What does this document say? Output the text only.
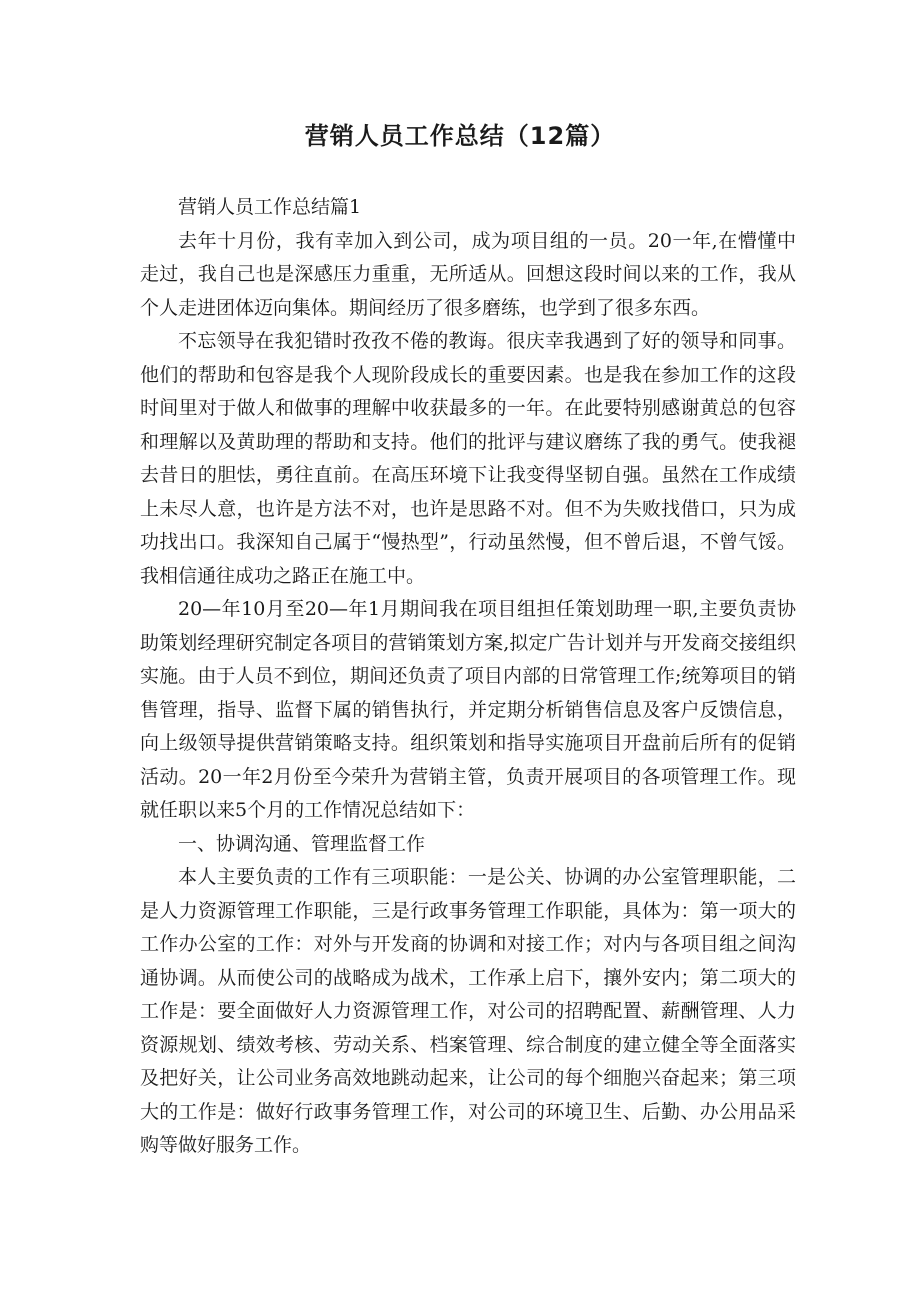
营销人员工作总结（12篇）

营销人员工作总结篇1

去年十月份，我有幸加入到公司，成为项目组的一员。20一年,在懵懂中走过，我自己也是深感压力重重，无所适从。回想这段时间以来的工作，我从个人走进团体迈向集体。期间经历了很多磨练，也学到了很多东西。

不忘领导在我犯错时孜孜不倦的教诲。很庆幸我遇到了好的领导和同事。他们的帮助和包容是我个人现阶段成长的重要因素。也是我在参加工作的这段时间里对于做人和做事的理解中收获最多的一年。在此要特别感谢黄总的包容和理解以及黄助理的帮助和支持。他们的批评与建议磨练了我的勇气。使我褪去昔日的胆怯，勇往直前。在高压环境下让我变得坚韧自强。虽然在工作成绩上未尽人意，也许是方法不对，也许是思路不对。但不为失败找借口，只为成功找出口。我深知自己属于“慢热型”，行动虽然慢，但不曾后退，不曾气馁。我相信通往成功之路正在施工中。

20—年10月至20—年1月期间我在项目组担任策划助理一职,主要负责协助策划经理研究制定各项目的营销策划方案,拟定广告计划并与开发商交接组织实施。由于人员不到位，期间还负责了项目内部的日常管理工作;统筹项目的销售管理，指导、监督下属的销售执行，并定期分析销售信息及客户反馈信息，向上级领导提供营销策略支持。组织策划和指导实施项目开盘前后所有的促销活动。20一年2月份至今荣升为营销主管，负责开展项目的各项管理工作。现就任职以来5个月的工作情况总结如下：

一、协调沟通、管理监督工作

本人主要负责的工作有三项职能：一是公关、协调的办公室管理职能，二是人力资源管理工作职能，三是行政事务管理工作职能，具体为：第一项大的工作办公室的工作：对外与开发商的协调和对接工作；对内与各项目组之间沟通协调。从而使公司的战略成为战术，工作承上启下，攘外安内；第二项大的工作是：要全面做好人力资源管理工作，对公司的招聘配置、薪酬管理、人力资源规划、绩效考核、劳动关系、档案管理、综合制度的建立健全等全面落实及把好关，让公司业务高效地跳动起来，让公司的每个细胞兴奋起来；第三项大的工作是：做好行政事务管理工作，对公司的环境卫生、后勤、办公用品采购等做好服务工作。
